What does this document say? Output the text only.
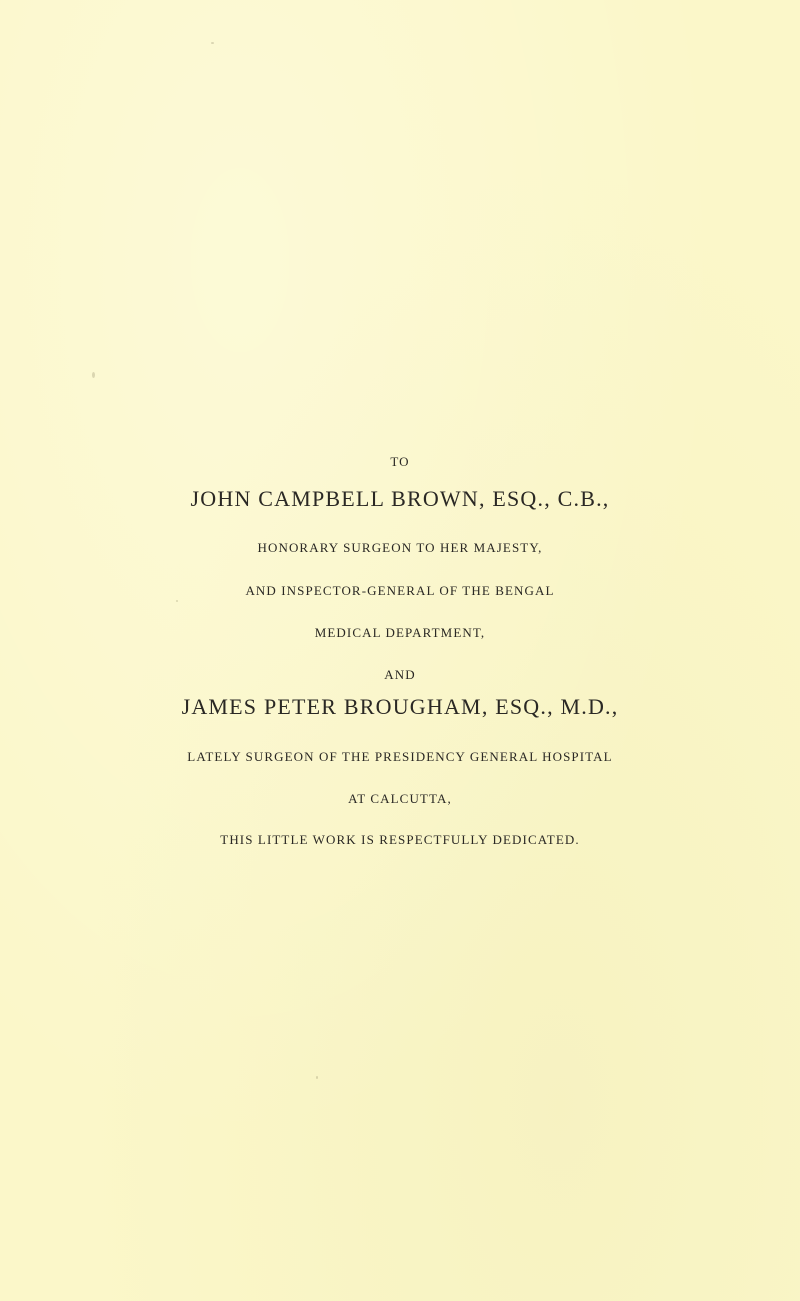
TO
JOHN CAMPBELL BROWN, ESQ., C.B.,
HONORARY SURGEON TO HER MAJESTY,
AND INSPECTOR-GENERAL OF THE BENGAL
MEDICAL DEPARTMENT,
AND
JAMES PETER BROUGHAM, ESQ., M.D.,
LATELY SURGEON OF THE PRESIDENCY GENERAL HOSPITAL
AT CALCUTTA,
THIS LITTLE WORK IS RESPECTFULLY DEDICATED.
